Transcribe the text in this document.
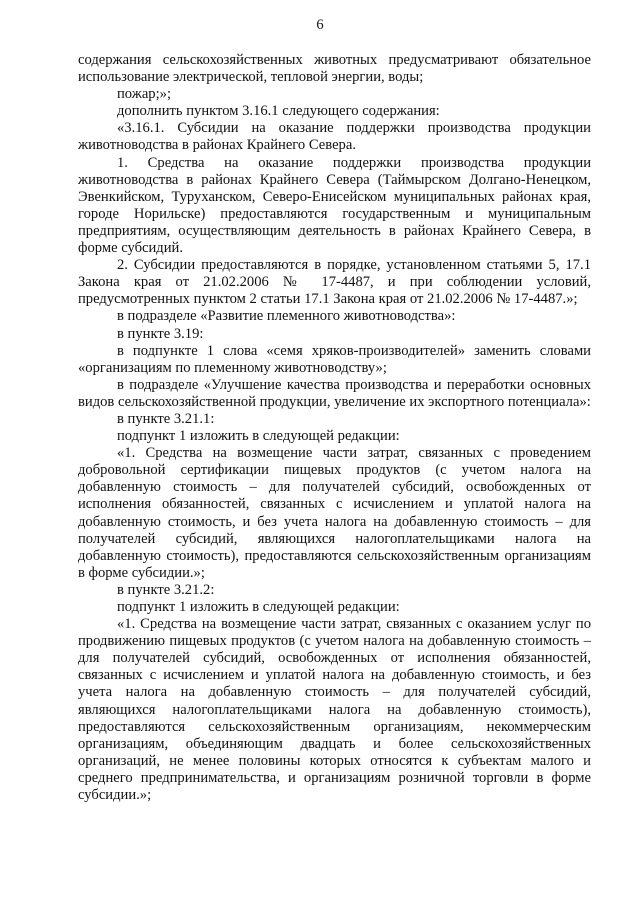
6

содержания сельскохозяйственных животных предусматривают обязательное использование электрической, тепловой энергии, воды;

пожар;»;

дополнить пунктом 3.16.1 следующего содержания:

«3.16.1. Субсидии на оказание поддержки производства продукции животноводства в районах Крайнего Севера.

1. Средства на оказание поддержки производства продукции животноводства в районах Крайнего Севера (Таймырском Долгано-Ненецком, Эвенкийском, Туруханском, Северо-Енисейском муниципальных районах края, городе Норильске) предоставляются государственным и муниципальным предприятиям, осуществляющим деятельность в районах Крайнего Севера, в форме субсидий.

2. Субсидии предоставляются в порядке, установленном статьями 5, 17.1 Закона края от 21.02.2006 № 17-4487, и при соблюдении условий, предусмотренных пунктом 2 статьи 17.1 Закона края от 21.02.2006 № 17-4487.»;

в подразделе «Развитие племенного животноводства»:

в пункте 3.19:

в подпункте 1 слова «семя хряков-производителей» заменить словами «организациям по племенному животноводству»;

в подразделе «Улучшение качества производства и переработки основных видов сельскохозяйственной продукции, увеличение их экспортного потенциала»:

в пункте 3.21.1:

подпункт 1 изложить в следующей редакции:

«1. Средства на возмещение части затрат, связанных с проведением добровольной сертификации пищевых продуктов (с учетом налога на добавленную стоимость – для получателей субсидий, освобожденных от исполнения обязанностей, связанных с исчислением и уплатой налога на добавленную стоимость, и без учета налога на добавленную стоимость – для получателей субсидий, являющихся налогоплательщиками налога на добавленную стоимость), предоставляются сельскохозяйственным организациям в форме субсидии.»;

в пункте 3.21.2:

подпункт 1 изложить в следующей редакции:

«1. Средства на возмещение части затрат, связанных с оказанием услуг по продвижению пищевых продуктов (с учетом налога на добавленную стоимость – для получателей субсидий, освобожденных от исполнения обязанностей, связанных с исчислением и уплатой налога на добавленную стоимость, и без учета налога на добавленную стоимость – для получателей субсидий, являющихся налогоплательщиками налога на добавленную стоимость), предоставляются сельскохозяйственным организациям, некоммерческим организациям, объединяющим двадцать и более сельскохозяйственных организаций, не менее половины которых относятся к субъектам малого и среднего предпринимательства, и организациям розничной торговли в форме субсидии.»;
